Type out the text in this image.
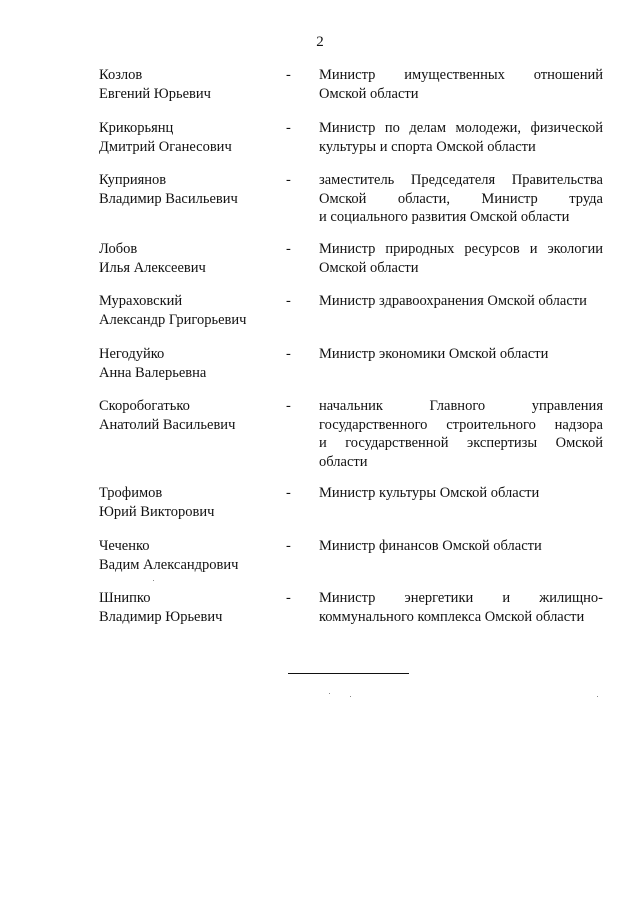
2
Козлов
Евгений Юрьевич
- Министр имущественных отношений
Омской области
Крикорьянц
Дмитрий Оганесович
- Министр по делам молодежи, физической
культуры и спорта Омской области
Куприянов
Владимир Васильевич
- заместитель Председателя Правительства
Омской области, Министр труда
и социального развития Омской области
Лобов
Илья Алексеевич
- Министр природных ресурсов и экологии
Омской области
Мураховский
Александр Григорьевич
- Министр здравоохранения Омской области
Негодуйко
Анна Валерьевна
- Министр экономики Омской области
Скоробогатько
Анатолий Васильевич
- начальник Главного управления
государственного строительного надзора
и государственной экспертизы Омской
области
Трофимов
Юрий Викторович
- Министр культуры Омской области
Чеченко
Вадим Александрович
- Министр финансов Омской области
Шнипко
Владимир Юрьевич
- Министр энергетики и жилищно-
коммунального комплекса Омской области
